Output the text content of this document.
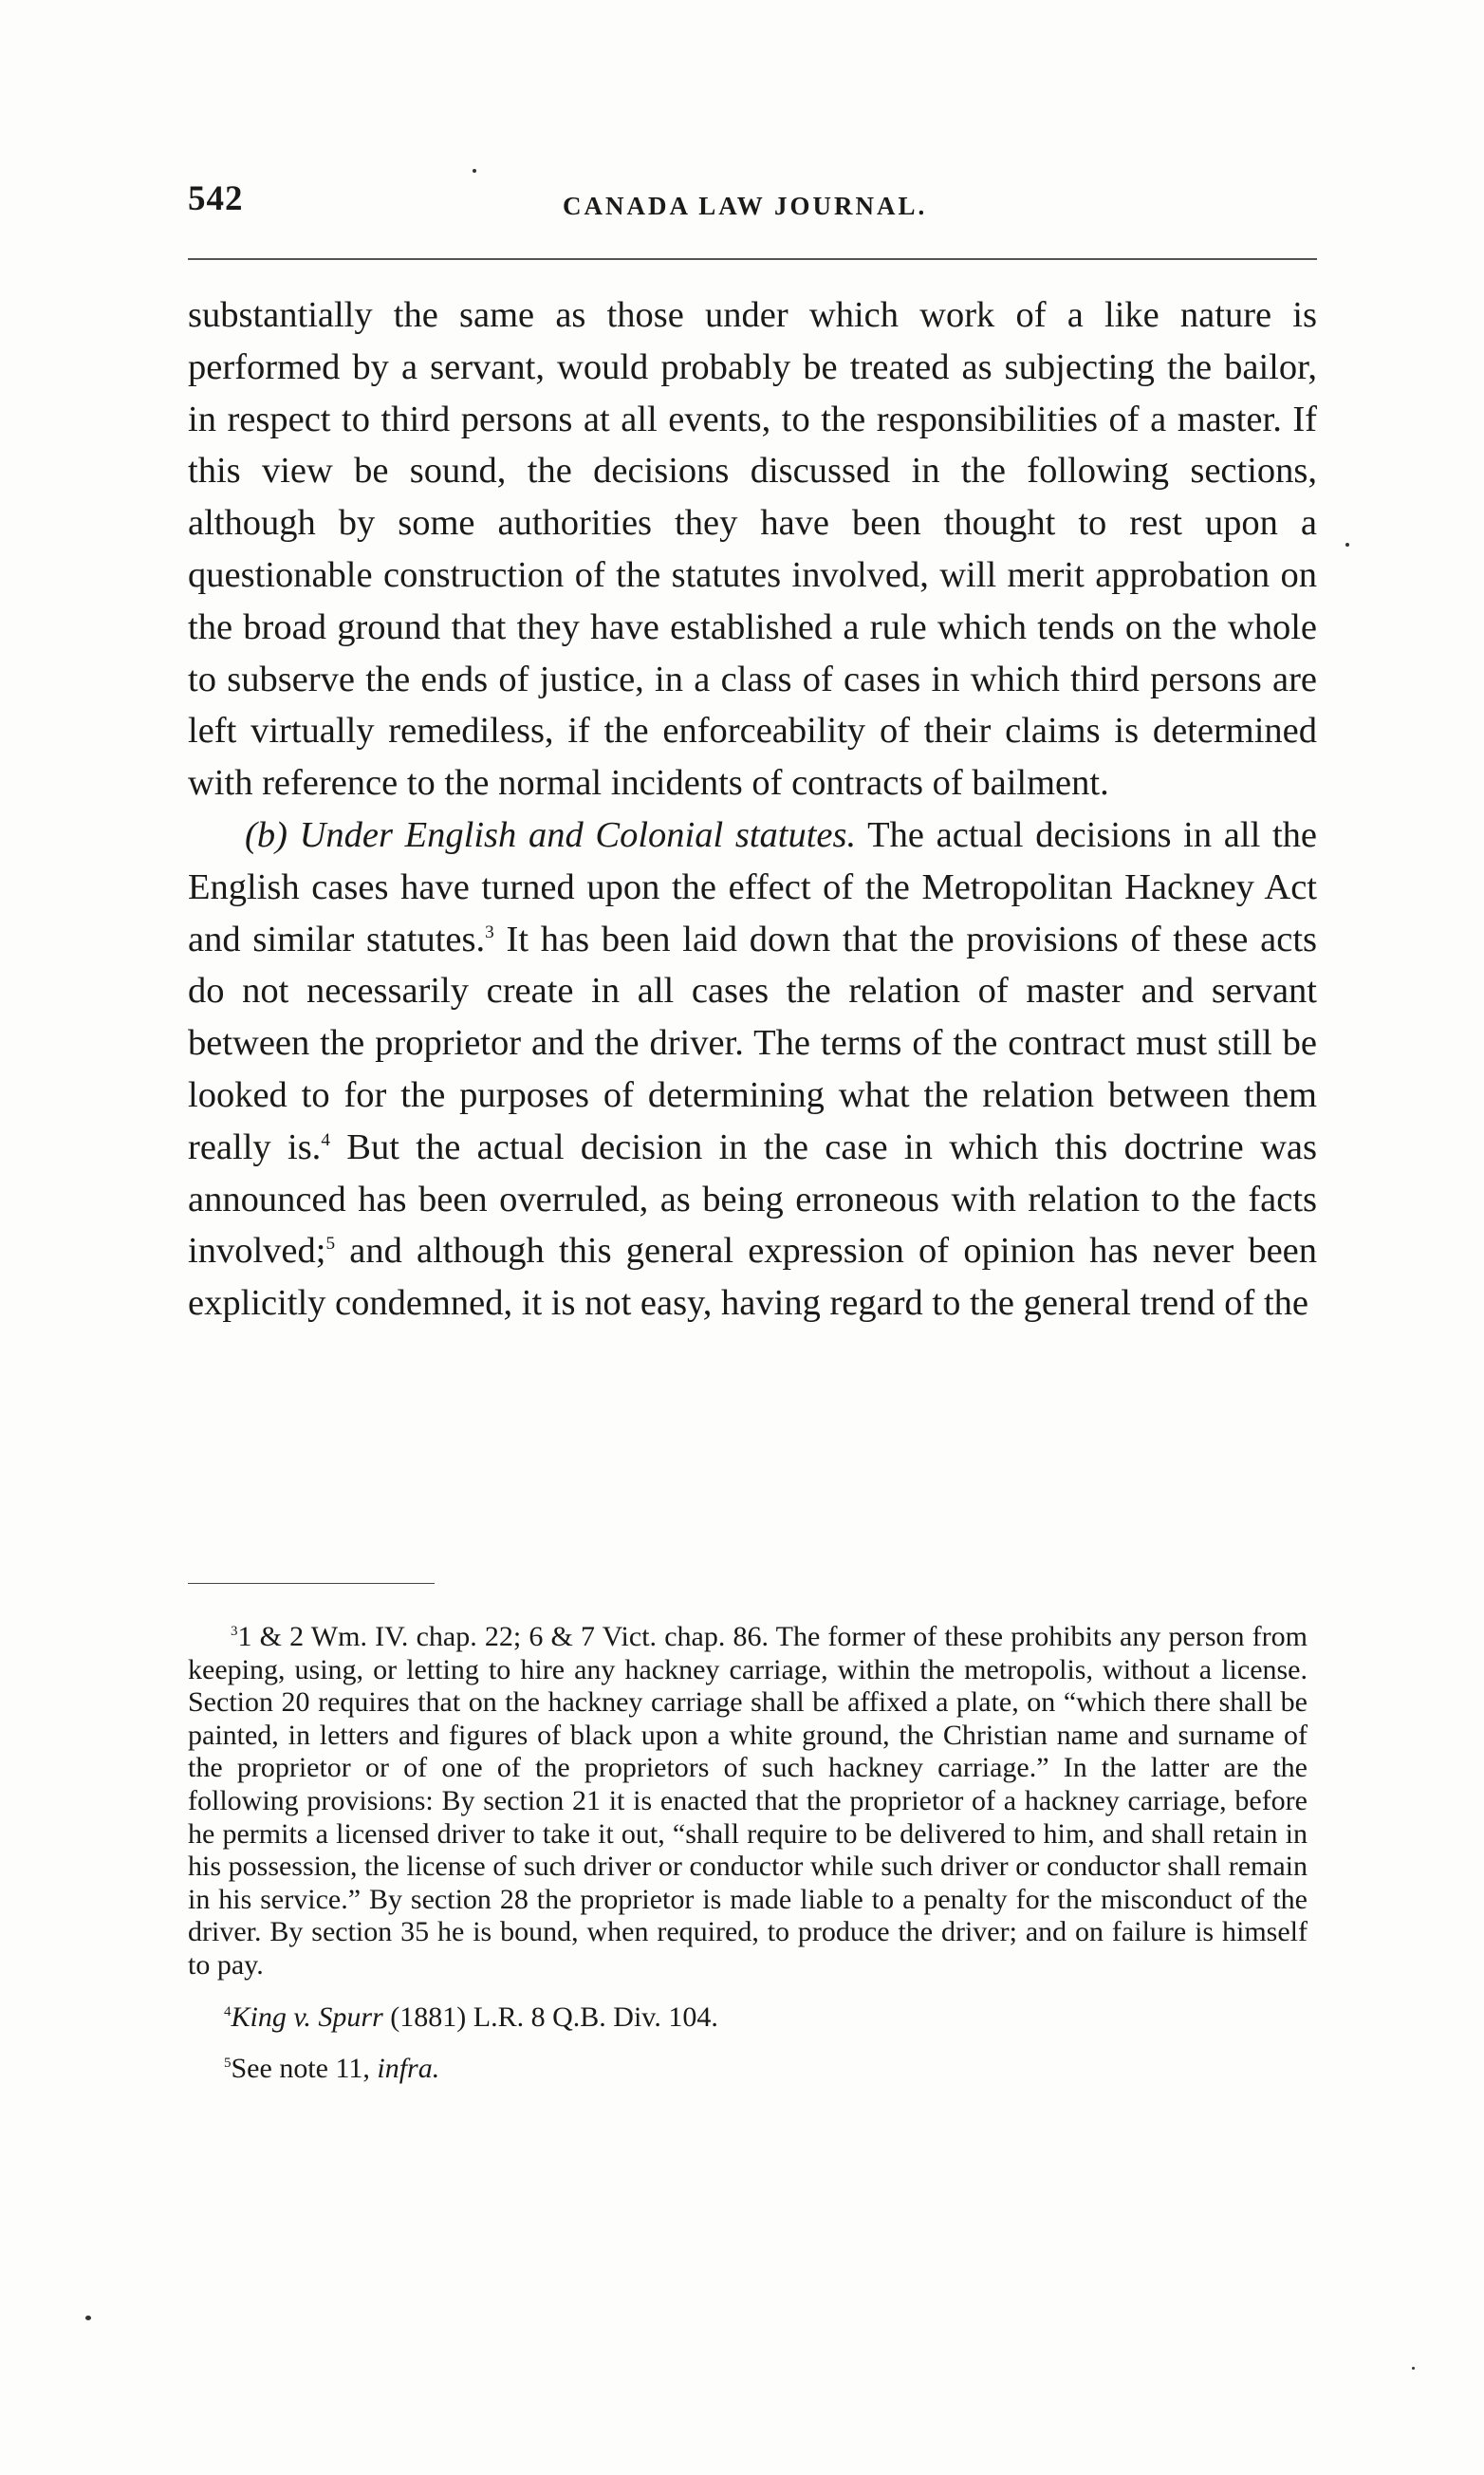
542	CANADA LAW JOURNAL.

substantially the same as those under which work of a like nature is performed by a servant, would probably be treated as subjecting the bailor, in respect to third persons at all events, to the responsibilities of a master. If this view be sound, the decisions discussed in the following sections, although by some authorities they have been thought to rest upon a questionable construction of the statutes involved, will merit approbation on the broad ground that they have established a rule which tends on the whole to subserve the ends of justice, in a class of cases in which third persons are left virtually remediless, if the enforceability of their claims is determined with reference to the normal incidents of contracts of bailment.

(b) Under English and Colonial statutes. The actual decisions in all the English cases have turned upon the effect of the Metropolitan Hackney Act and similar statutes.$^3$ It has been laid down that the provisions of these acts do not necessarily create in all cases the relation of master and servant between the proprietor and the driver. The terms of the contract must still be looked to for the purposes of determining what the relation between them really is.$^4$ But the actual decision in the case in which this doctrine was announced has been overruled, as being erroneous with relation to the facts involved;$^5$ and although this general expression of opinion has never been explicitly condemned, it is not easy, having regard to the general trend of the

$^3$1 & 2 Wm. IV. chap. 22; 6 & 7 Vict. chap. 86. The former of these prohibits any person from keeping, using, or letting to hire any hackney carriage, within the metropolis, without a license. Section 20 requires that on the hackney carriage shall be affixed a plate, on “which there shall be painted, in letters and figures of black upon a white ground, the Christian name and surname of the proprietor or of one of the proprietors of such hackney carriage.” In the latter are the following provisions: By section 21 it is enacted that the proprietor of a hackney carriage, before he permits a licensed driver to take it out, “shall require to be delivered to him, and shall retain in his possession, the license of such driver or conductor while such driver or conductor shall remain in his service.” By section 28 the proprietor is made liable to a penalty for the misconduct of the driver. By section 35 he is bound, when required, to produce the driver; and on failure is himself to pay.

$^4$King v. Spurr (1881) L.R. 8 Q.B. Div. 104.

$^5$See note 11, infra.
